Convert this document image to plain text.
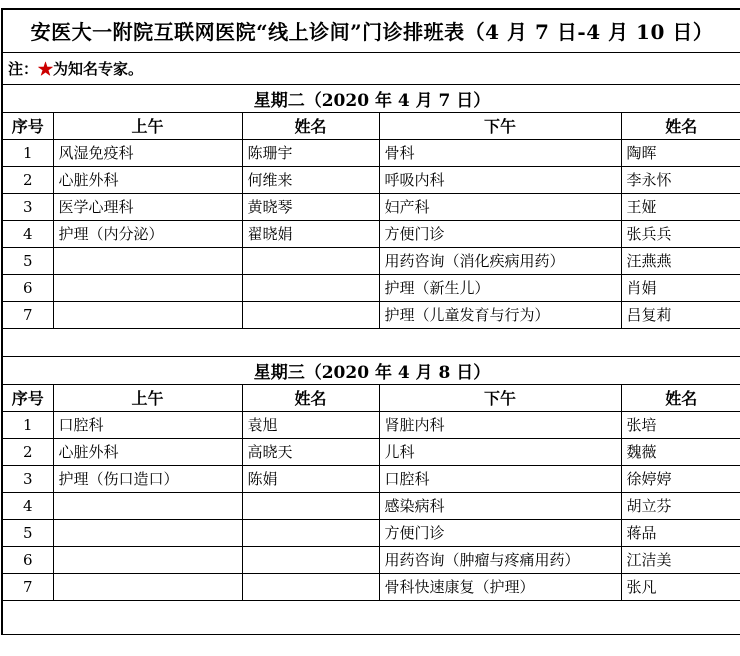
安医大一附院互联网医院“线上诊间”门诊排班表（4 月 7 日-4 月 10 日）				
注：★为知名专家。				
星期二（2020 年 4 月 7 日）				
序号	上午	姓名	下午	姓名
1	风湿免疫科	陈珊宇	骨科	陶晖
2	心脏外科	何维来	呼吸内科	李永怀
3	医学心理科	黄晓琴	妇产科	王娅
4	护理（内分泌）	翟晓娟	方便门诊	张兵兵
5			用药咨询（消化疾病用药）	汪燕燕
6			护理（新生儿）	肖娟
7			护理（儿童发育与行为）	吕复莉

星期三（2020 年 4 月 8 日）				
序号	上午	姓名	下午	姓名
1	口腔科	袁旭	肾脏内科	张培
2	心脏外科	高晓天	儿科	魏薇
3	护理（伤口造口）	陈娟	口腔科	徐婷婷
4			感染病科	胡立芬
5			方便门诊	蒋品
6			用药咨询（肿瘤与疼痛用药）	江洁美
7			骨科快速康复（护理）	张凡
